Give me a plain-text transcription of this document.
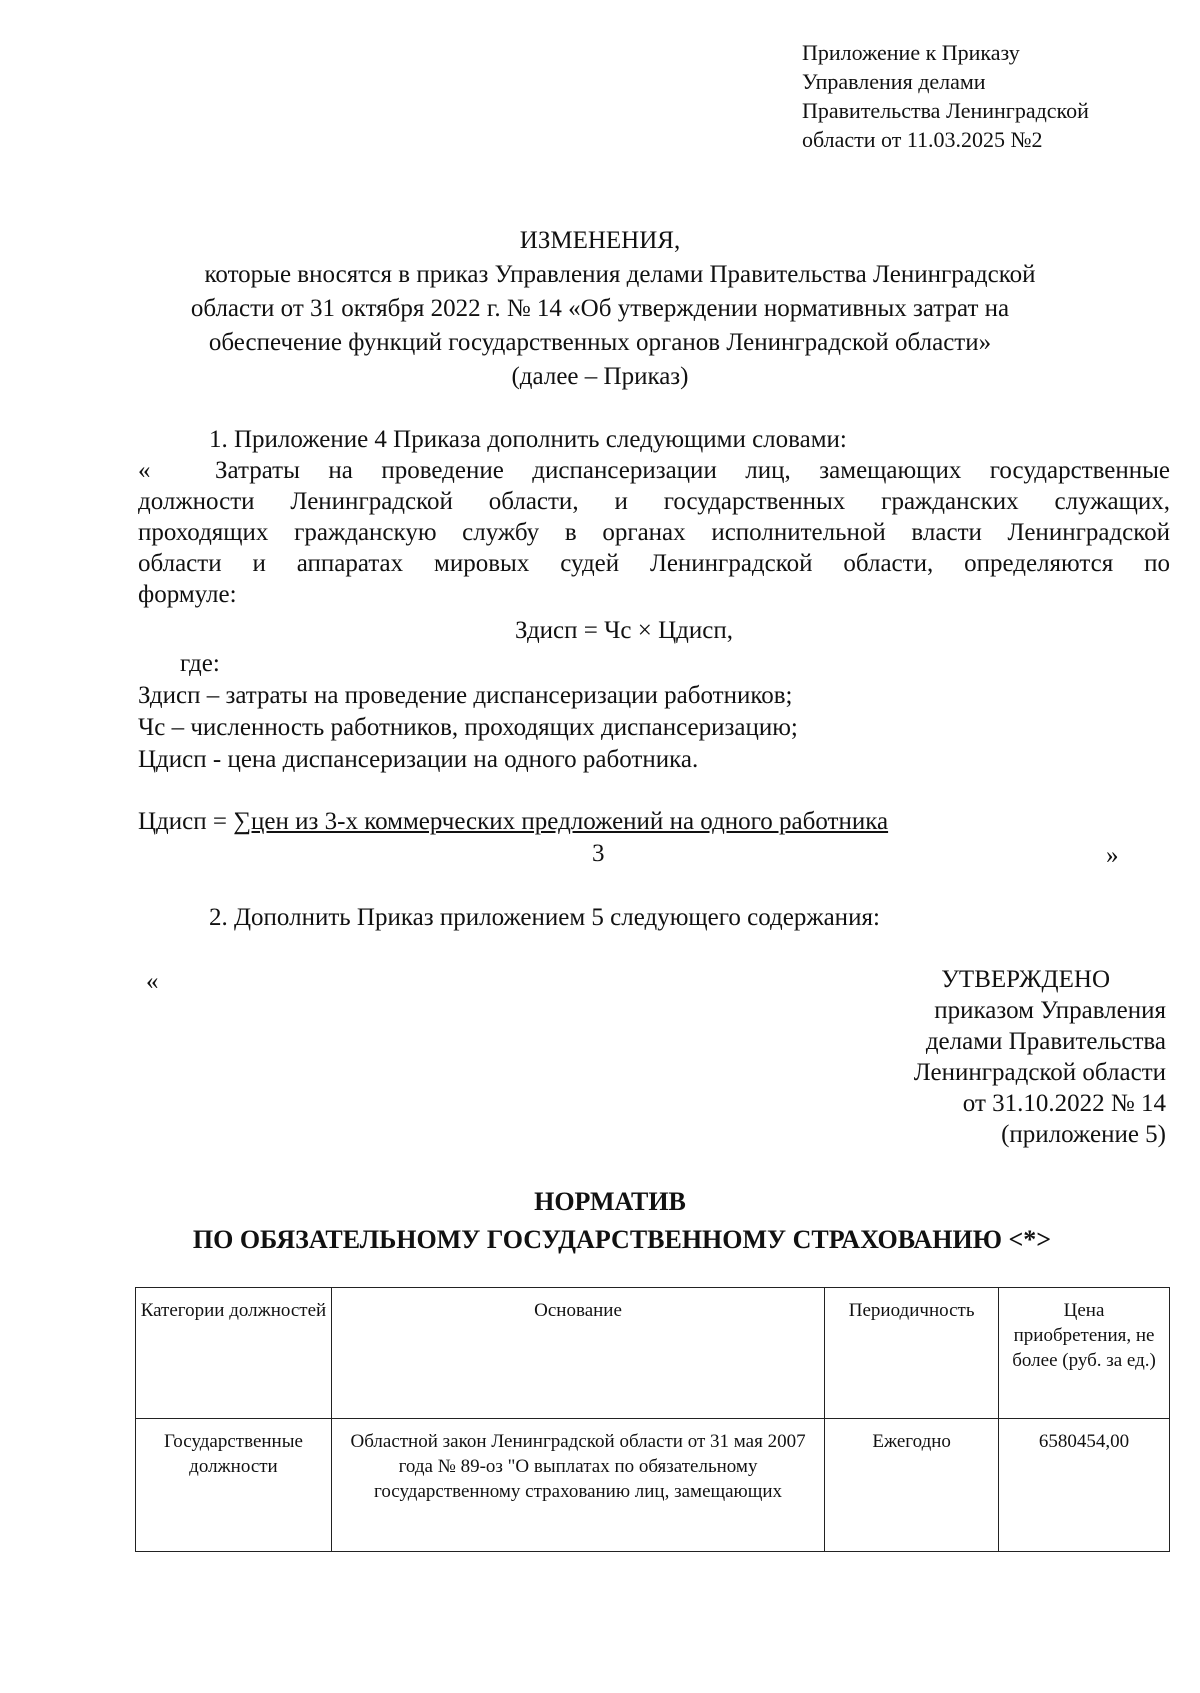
Приложение к Приказу
Управления делами
Правительства Ленинградской
области от 11.03.2025 №2
ИЗМЕНЕНИЯ,
которые вносятся в приказ Управления делами Правительства Ленинградской
области от 31 октября 2022 г. № 14 «Об утверждении нормативных затрат на
обеспечение функций государственных органов Ленинградской области»
(далее – Приказ)
1. Приложение 4 Приказа дополнить следующими словами:
«	Затраты на проведение диспансеризации лиц, замещающих государственные
должности Ленинградской области, и государственных гражданских служащих,
проходящих гражданскую службу в органах исполнительной власти Ленинградской
области и аппаратах мировых судей Ленинградской области, определяются по
формуле:
Здисп = Чс × Цдисп,
где:
Здисп – затраты на проведение диспансеризации работников;
Чс – численность работников, проходящих диспансеризацию;
Цдисп - цена диспансеризации на одного работника.
Цдисп = ∑цен из 3-х коммерческих предложений на одного работника
3	»
2. Дополнить Приказ приложением 5 следующего содержания:
«	УТВЕРЖДЕНО
приказом Управления
делами Правительства
Ленинградской области
от 31.10.2022 № 14
(приложение 5)
НОРМАТИВ
ПО ОБЯЗАТЕЛЬНОМУ ГОСУДАРСТВЕННОМУ СТРАХОВАНИЮ <*>
Категории должностей	Основание	Периодичность	Цена приобретения, не более (руб. за ед.)
Государственные должности	Областной закон Ленинградской области от 31 мая 2007 года № 89-оз "О выплатах по обязательному государственному страхованию лиц, замещающих	Ежегодно	6580454,00
